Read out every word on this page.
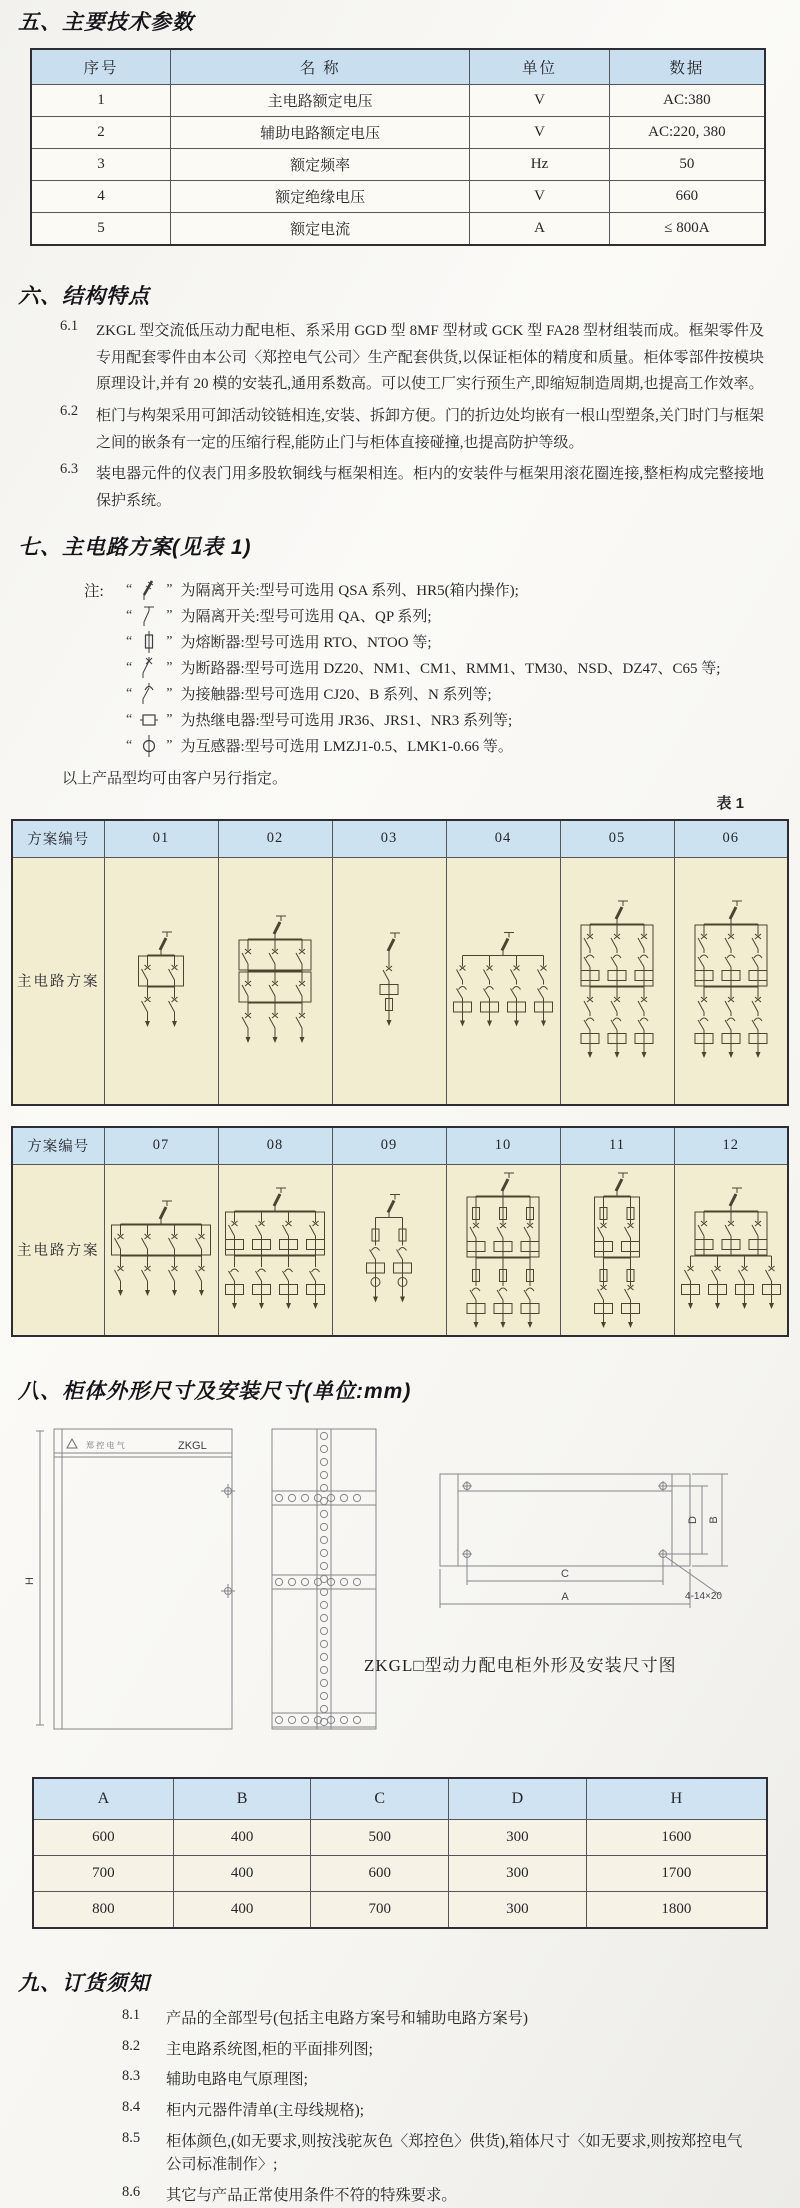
五、主要技术参数
序号	名 称	单位	数据
1	主电路额定电压	V	AC:380
2	辅助电路额定电压	V	AC:220, 380
3	额定频率	Hz	50
4	额定绝缘电压	V	660
5	额定电流	A	≤ 800A
六、结构特点
6.1	ZKGL 型交流低压动力配电柜、系采用 GGD 型 8MF 型材或 GCK 型 FA28 型材组装而成。框架零件及专用配套零件由本公司〈郑控电气公司〉生产配套供货,以保证柜体的精度和质量。柜体零部件按模块原理设计,并有 20 模的安装孔,通用系数高。可以使工厂实行预生产,即缩短制造周期,也提高工作效率。
6.2	柜门与构架采用可卸活动铰链相连,安装、拆卸方便。门的折边处均嵌有一根山型塑条,关门时门与框架之间的嵌条有一定的压缩行程,能防止门与柜体直接碰撞,也提高防护等级。
6.3	装电器元件的仪表门用多股软铜线与框架相连。柜内的安装件与框架用滚花圈连接,整柜构成完整接地保护系统。
七、主电路方案(见表 1)
注:	“ ” 为隔离开关:型号可选用 QSA 系列、HR5(箱内操作);
“ ” 为隔离开关:型号可选用 QA、QP 系列;
“ ” 为熔断器:型号可选用 RTO、NTOO 等;
“ ” 为断路器:型号可选用 DZ20、NM1、CM1、RMM1、TM30、NSD、DZ47、C65 等;
“ ” 为接触器:型号可选用 CJ20、B 系列、N 系列等;
“ ” 为热继电器:型号可选用 JR36、JRS1、NR3 系列等;
“ ” 为互感器:型号可选用 LMZJ1-0.5、LMK1-0.66 等。
以上产品型均可由客户另行指定。
表 1
方案编号	01	02	03	04	05	06
主电路方案						
方案编号	07	08	09	10	11	12
主电路方案						
八、柜体外形尺寸及安装尺寸(单位:mm)
郑 控 电 气	ZKGL
H
C
A
D B
4-14×20
ZKGL□型动力配电柜外形及安装尺寸图
A	B	C	D	H
600	400	500	300	1600
700	400	600	300	1700
800	400	700	300	1800
九、订货须知
8.1	产品的全部型号(包括主电路方案号和辅助电路方案号)
8.2	主电路系统图,柜的平面排列图;
8.3	辅助电路电气原理图;
8.4	柜内元器件清单(主母线规格);
8.5	柜体颜色,(如无要求,则按浅驼灰色〈郑控色〉供货),箱体尺寸〈如无要求,则按郑控电气公司标准制作〉;
8.6	其它与产品正常使用条件不符的特殊要求。
